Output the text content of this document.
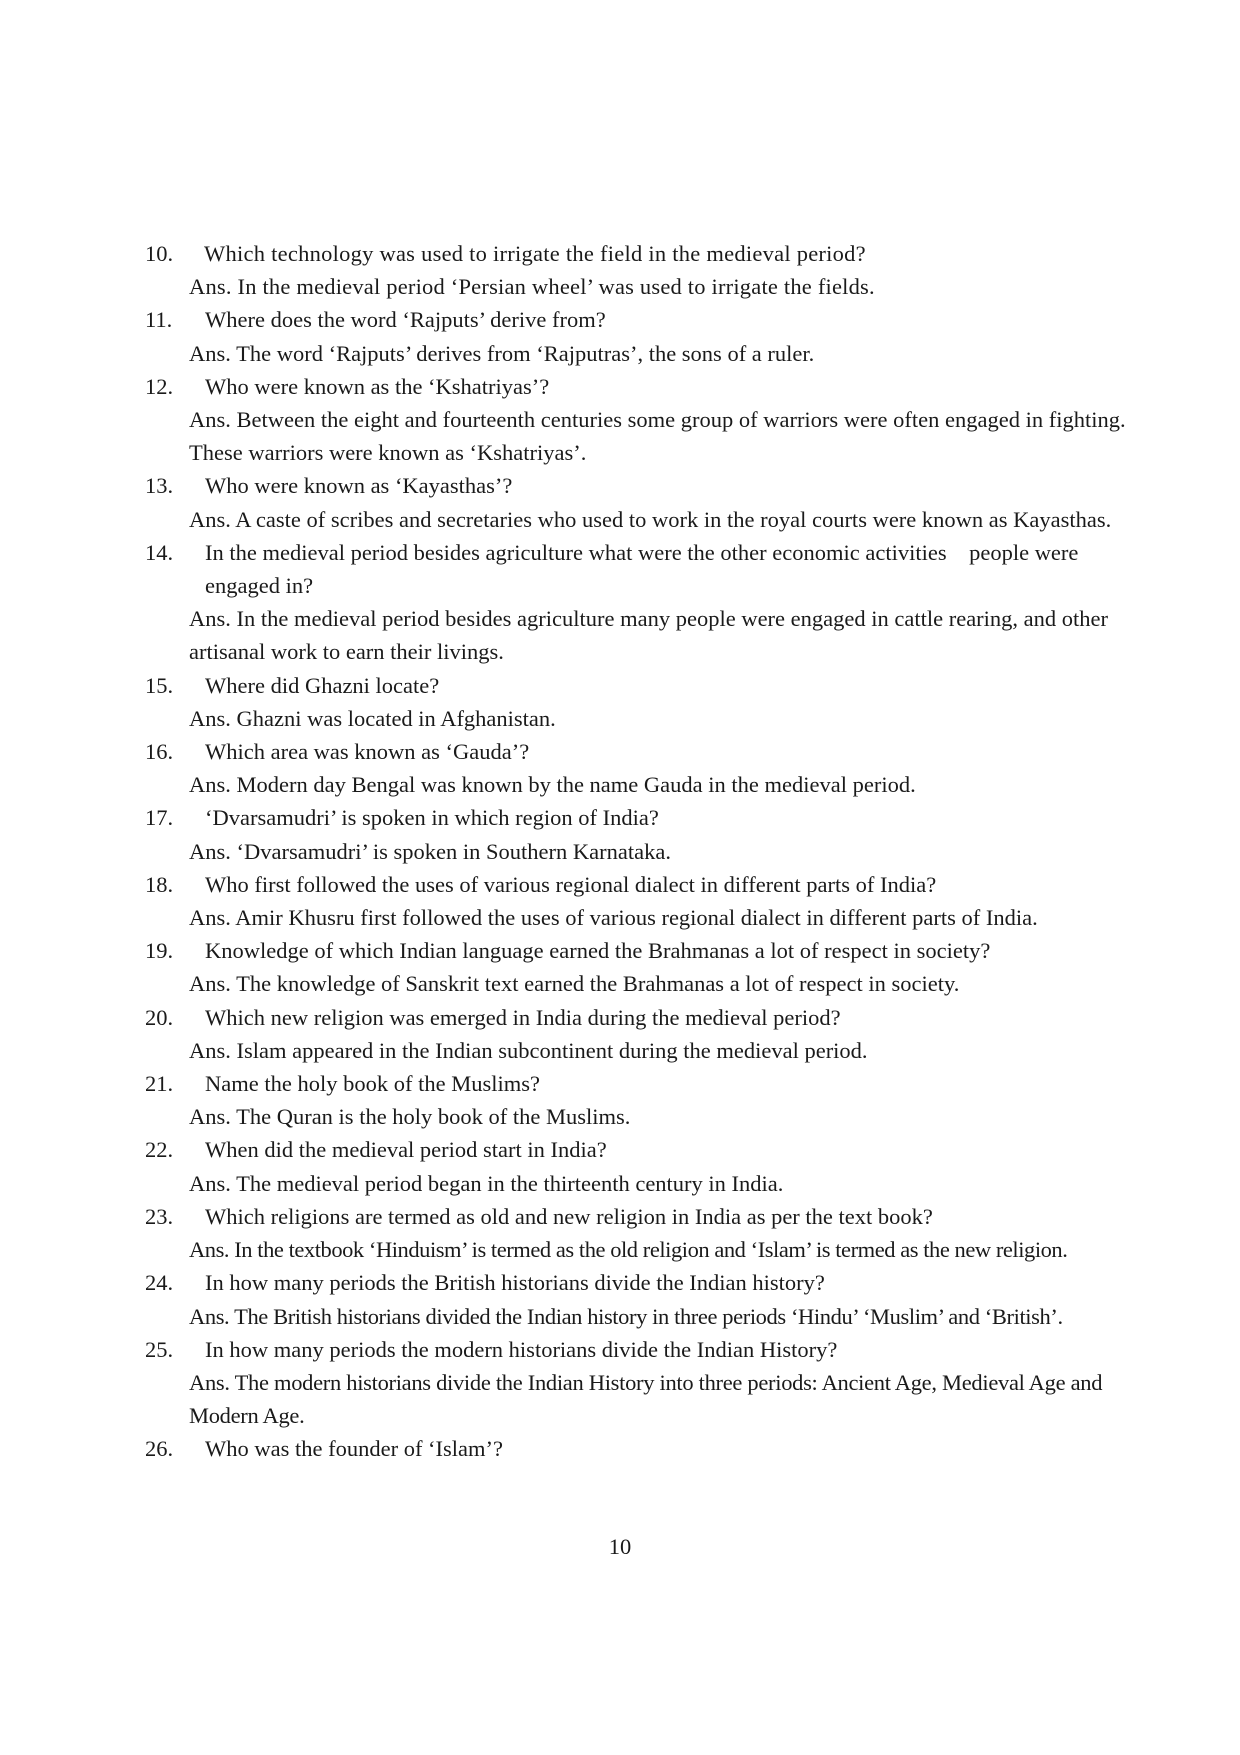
10.	Which technology was used to irrigate the field in the medieval period?
Ans. In the medieval period ‘Persian wheel’ was used to irrigate the fields.
11.	Where does the word ‘Rajputs’ derive from?
Ans. The word ‘Rajputs’ derives from ‘Rajputras’, the sons of a ruler.
12.	Who were known as the ‘Kshatriyas’?
Ans. Between the eight and fourteenth centuries some group of warriors were often engaged in fighting. These warriors were known as ‘Kshatriyas’.
13.	Who were known as ‘Kayasthas’?
Ans. A caste of scribes and secretaries who used to work in the royal courts were known as Kayasthas.
14.	In the medieval period besides agriculture what were the other economic activities    people were engaged in?
Ans. In the medieval period besides agriculture many people were engaged in cattle rearing, and other artisanal work to earn their livings.
15.	Where did Ghazni locate?
Ans. Ghazni was located in Afghanistan.
16.	Which area was known as ‘Gauda’?
Ans. Modern day Bengal was known by the name Gauda in the medieval period.
17.	‘Dvarsamudri’ is spoken in which region of India?
Ans. ‘Dvarsamudri’ is spoken in Southern Karnataka.
18.	Who first followed the uses of various regional dialect in different parts of India?
Ans. Amir Khusru first followed the uses of various regional dialect in different parts of India.
19.	Knowledge of which Indian language earned the Brahmanas a lot of respect in society?
Ans. The knowledge of Sanskrit text earned the Brahmanas a lot of respect in society.
20.	Which new religion was emerged in India during the medieval period?
Ans. Islam appeared in the Indian subcontinent during the medieval period.
21.	Name the holy book of the Muslims?
Ans. The Quran is the holy book of the Muslims.
22.	When did the medieval period start in India?
Ans. The medieval period began in the thirteenth century in India.
23.	Which religions are termed as old and new religion in India as per the text book?
Ans. In the textbook ‘Hinduism’ is termed as the old religion and ‘Islam’ is termed as the new religion.
24.	In how many periods the British historians divide the Indian history?
Ans. The British historians divided the Indian history in three periods ‘Hindu’ ‘Muslim’ and ‘British’.
25.	In how many periods the modern historians divide the Indian History?
Ans. The modern historians divide the Indian History into three periods: Ancient Age, Medieval Age and Modern Age.
26.	Who was the founder of ‘Islam’?
10
